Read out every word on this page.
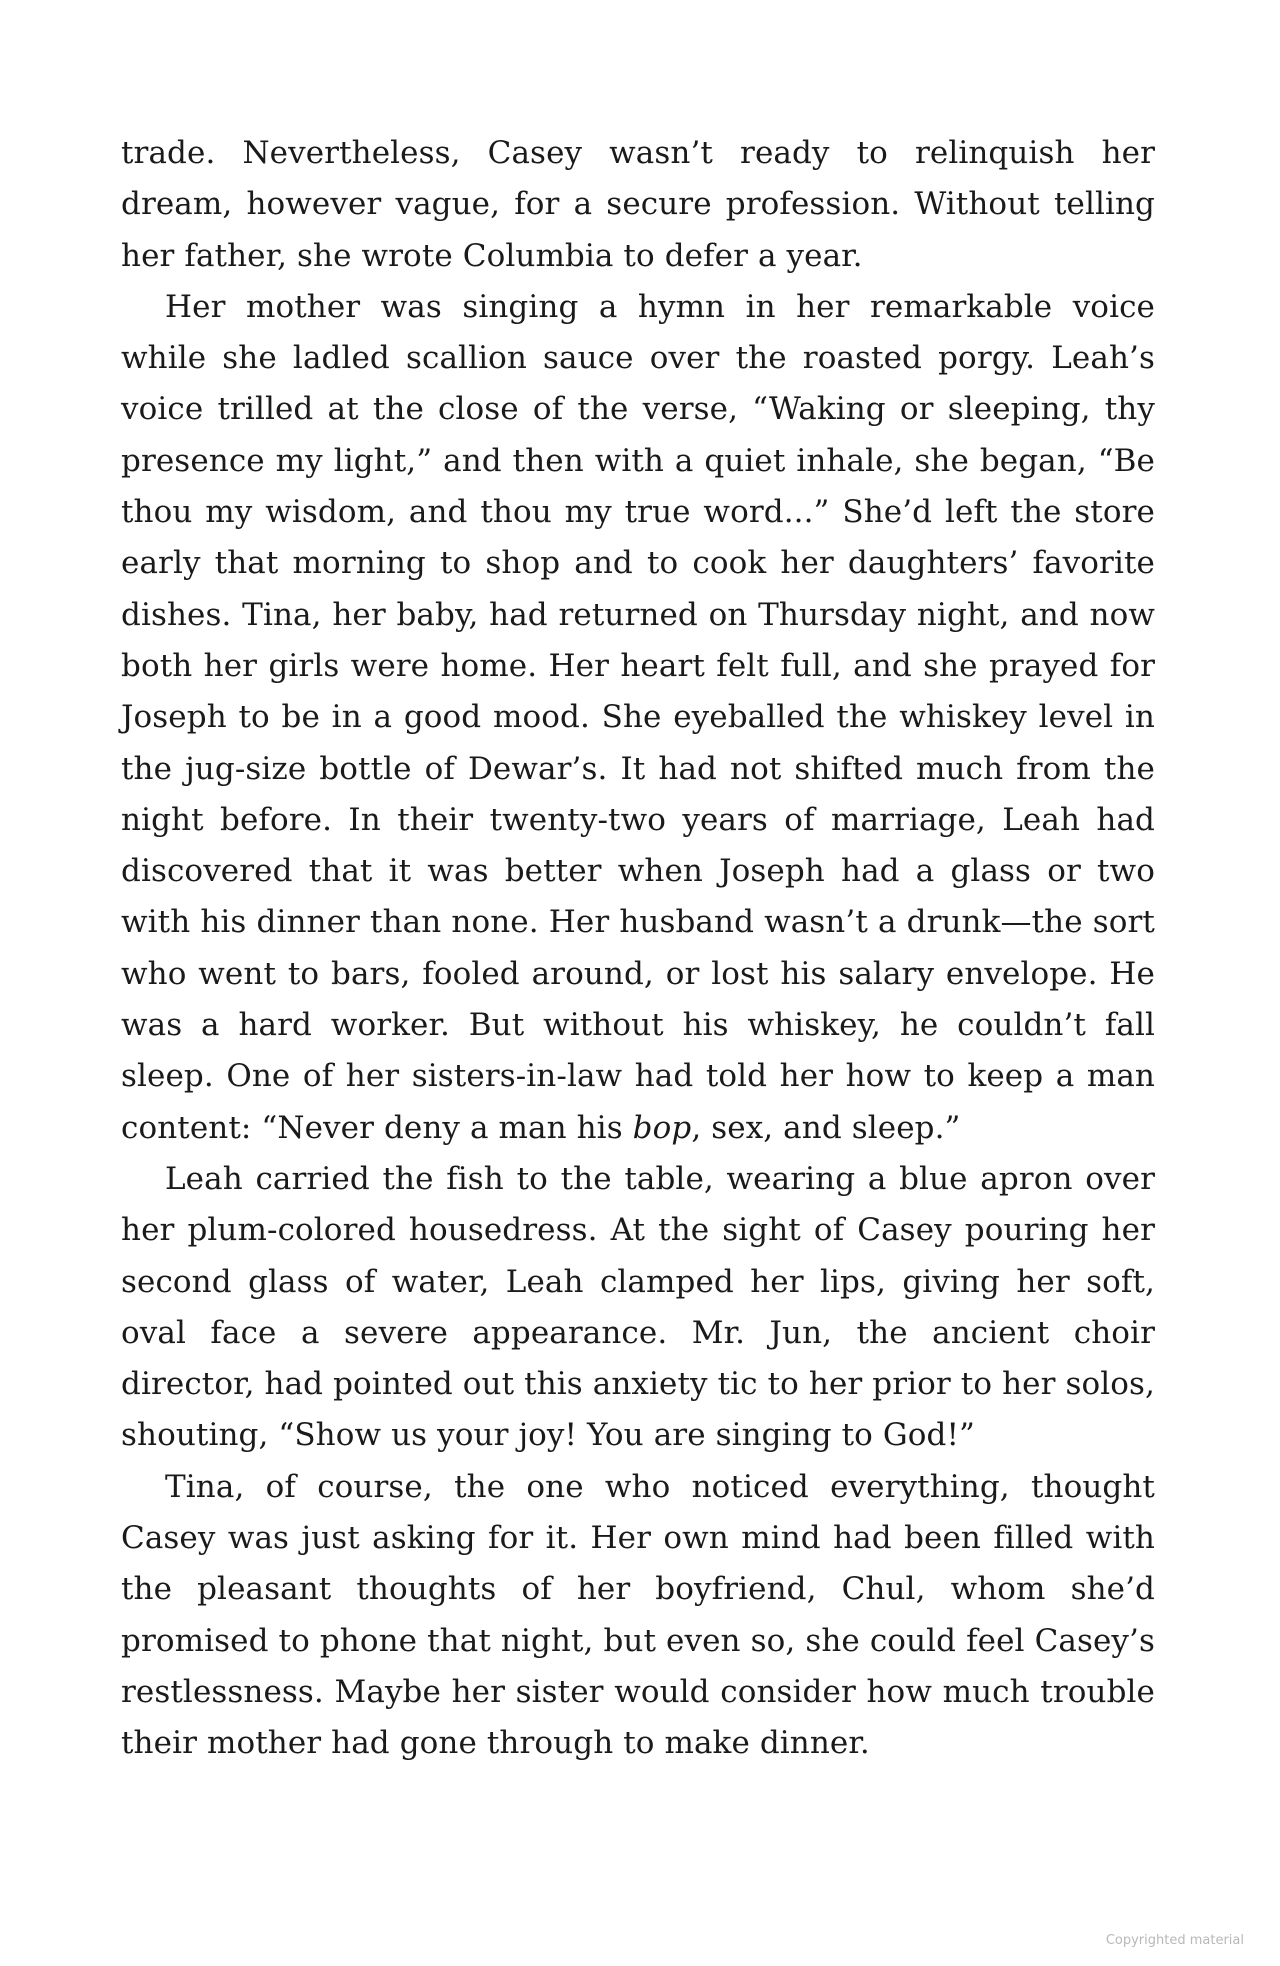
trade. Nevertheless, Casey wasn’t ready to relinquish her dream, however vague, for a secure profession. Without telling her father, she wrote Columbia to defer a year.

Her mother was singing a hymn in her remarkable voice while she ladled scallion sauce over the roasted porgy. Leah’s voice trilled at the close of the verse, “Waking or sleeping, thy presence my light,” and then with a quiet inhale, she began, “Be thou my wisdom, and thou my true word...” She’d left the store early that morning to shop and to cook her daughters’ favorite dishes. Tina, her baby, had returned on Thursday night, and now both her girls were home. Her heart felt full, and she prayed for Joseph to be in a good mood. She eyeballed the whiskey level in the jug-size bottle of Dewar’s. It had not shifted much from the night before. In their twenty-two years of marriage, Leah had discovered that it was better when Joseph had a glass or two with his dinner than none. Her husband wasn’t a drunk—the sort who went to bars, fooled around, or lost his salary envelope. He was a hard worker. But without his whiskey, he couldn’t fall sleep. One of her sisters-in-law had told her how to keep a man content: “Never deny a man his bop, sex, and sleep.”

Leah carried the fish to the table, wearing a blue apron over her plum-colored housedress. At the sight of Casey pouring her second glass of water, Leah clamped her lips, giving her soft, oval face a severe appearance. Mr. Jun, the ancient choir director, had pointed out this anxiety tic to her prior to her solos, shouting, “Show us your joy! You are singing to God!”

Tina, of course, the one who noticed everything, thought Casey was just asking for it. Her own mind had been filled with the pleasant thoughts of her boyfriend, Chul, whom she’d promised to phone that night, but even so, she could feel Casey’s restlessness. Maybe her sister would consider how much trouble their mother had gone through to make dinner.

Copyrighted material
